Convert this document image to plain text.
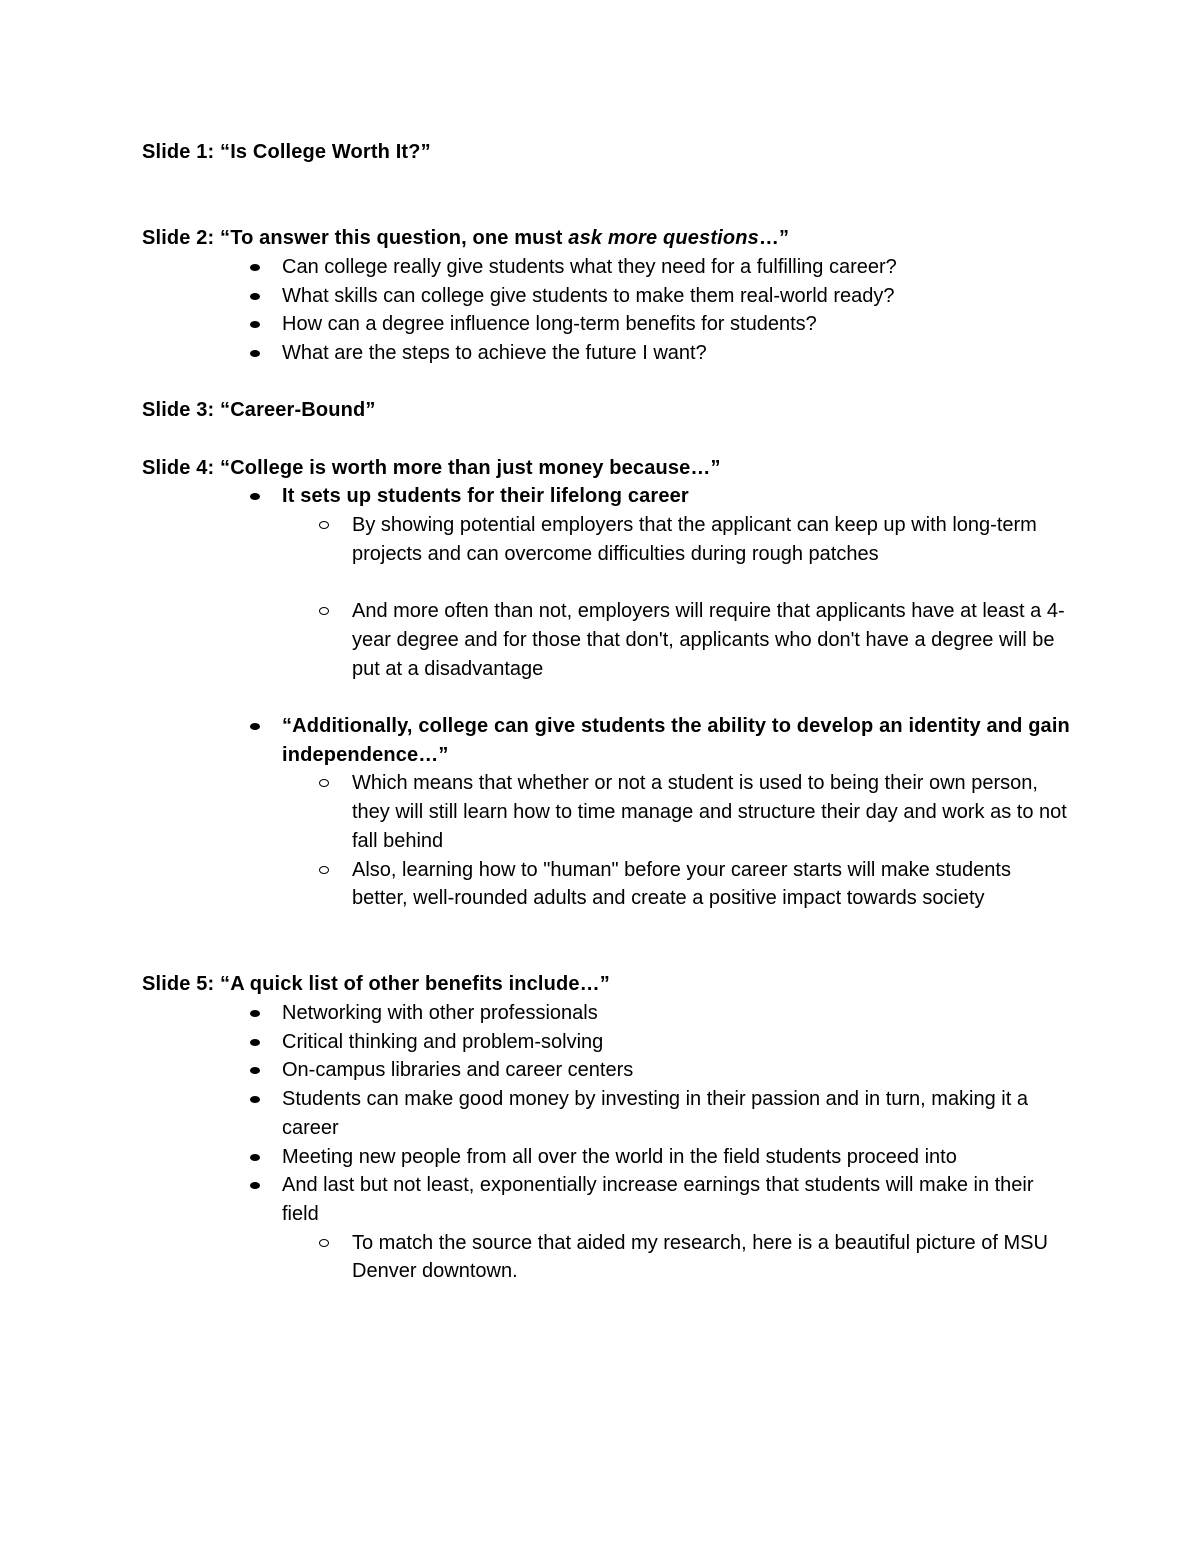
Slide 1: “Is College Worth It?”

Slide 2: “To answer this question, one must ask more questions…”

Can college really give students what they need for a fulfilling career?
What skills can college give students to make them real-world ready?
How can a degree influence long-term benefits for students?
What are the steps to achieve the future I want?

Slide 3: “Career-Bound”

Slide 4: “College is worth more than just money because…”

It sets up students for their lifelong career
By showing potential employers that the applicant can keep up with long-term projects and can overcome difficulties during rough patches
And more often than not, employers will require that applicants have at least a 4-year degree and for those that don't, applicants who don't have a degree will be put at a disadvantage
“Additionally, college can give students the ability to develop an identity and gain independence…”
Which means that whether or not a student is used to being their own person, they will still learn how to time manage and structure their day and work as to not fall behind
Also, learning how to "human" before your career starts will make students better, well-rounded adults and create a positive impact towards society

Slide 5: “A quick list of other benefits include…”

Networking with other professionals
Critical thinking and problem-solving
On-campus libraries and career centers
Students can make good money by investing in their passion and in turn, making it a career
Meeting new people from all over the world in the field students proceed into
And last but not least, exponentially increase earnings that students will make in their field
To match the source that aided my research, here is a beautiful picture of MSU Denver downtown.
